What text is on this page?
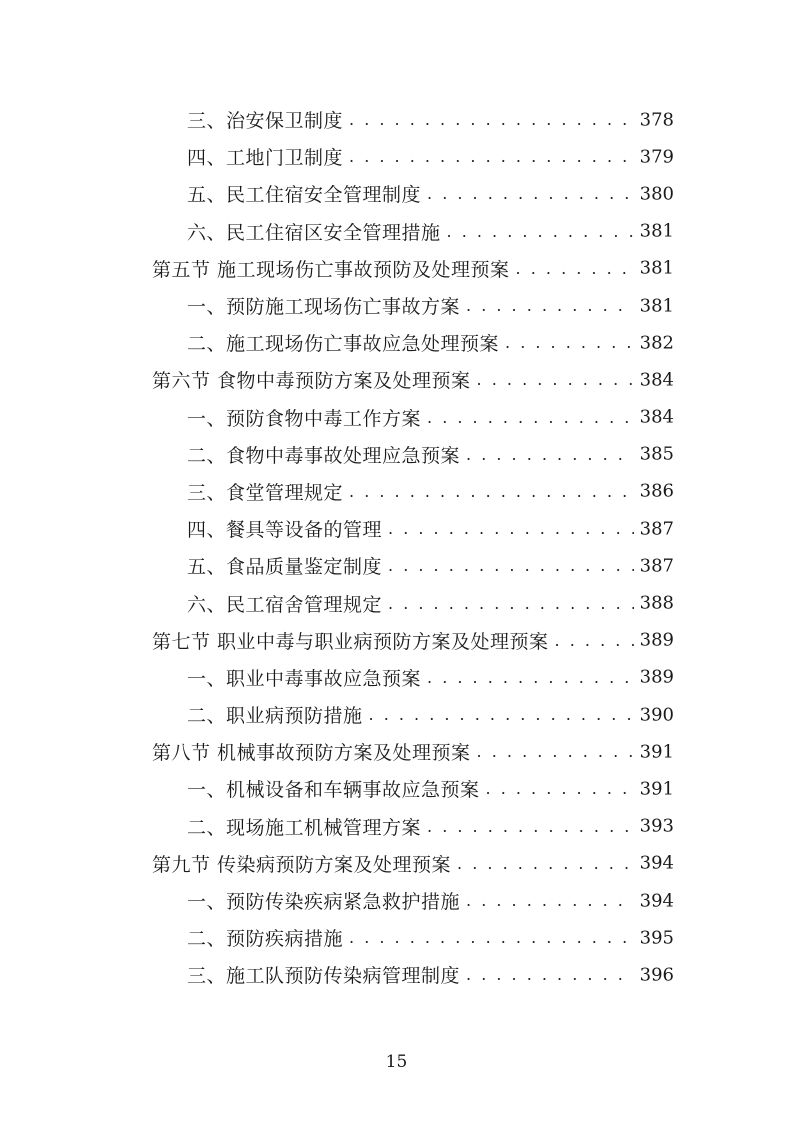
三、治安保卫制度 . . .	378
四、工地门卫制度 . . .	379
五、民工住宿安全管理制度 . . .	380
六、民工住宿区安全管理措施 . . .	381
第五节 施工现场伤亡事故预防及处理预案 . . .	381
一、预防施工现场伤亡事故方案 . . .	381
二、施工现场伤亡事故应急处理预案 . . .	382
第六节 食物中毒预防方案及处理预案 . . .	384
一、预防食物中毒工作方案 . . .	384
二、食物中毒事故处理应急预案 . . .	385
三、食堂管理规定 . . .	386
四、餐具等设备的管理 . . .	387
五、食品质量鉴定制度 . . .	387
六、民工宿舍管理规定 . . .	388
第七节 职业中毒与职业病预防方案及处理预案 . . .	389
一、职业中毒事故应急预案 . . .	389
二、职业病预防措施 . . .	390
第八节 机械事故预防方案及处理预案 . . .	391
一、机械设备和车辆事故应急预案 . . .	391
二、现场施工机械管理方案 . . .	393
第九节 传染病预防方案及处理预案 . . .	394
一、预防传染疾病紧急救护措施 . . .	394
二、预防疾病措施 . . .	395
三、施工队预防传染病管理制度 . . .	396
15
